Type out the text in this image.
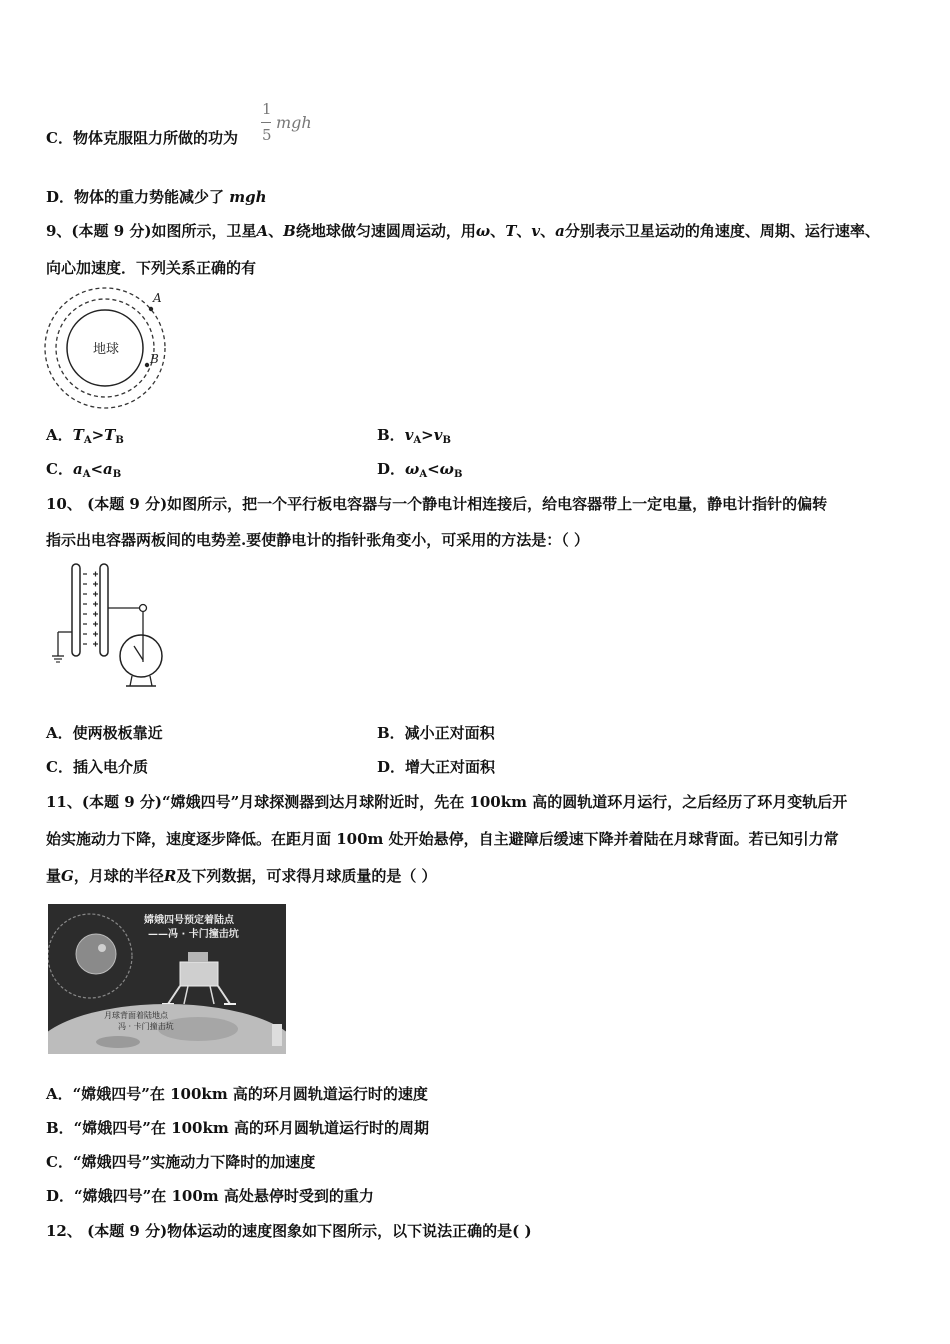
C．物体克服阻力所做的功为
1
5
mgh
D．物体的重力势能减少了 mgh
9、(本题 9 分)如图所示，卫星A、B绕地球做匀速圆周运动，用ω、T、v、a分别表示卫星运动的角速度、周期、运行速率、
向心加速度．下列关系正确的有
地球
A
B
A．$T_A>T_B$	B．$v_A>v_B$
C．$a_A<a_B$	D．$\omega_A<\omega_B$
10、 (本题 9 分)如图所示，把一个平行板电容器与一个静电计相连接后，给电容器带上一定电量，静电计指针的偏转
指示出电容器两板间的电势差.要使静电计的指针张角变小，可采用的方法是：（ ）
A．使两极板靠近	B．减小正对面积
C．插入电介质	D．增大正对面积
11、(本题 9 分)“嫦娥四号”月球探测器到达月球附近时，先在 100km 高的圆轨道环月运行，之后经历了环月变轨后开
始实施动力下降，速度逐步降低。在距月面 100m 处开始悬停，自主避障后缓速下降并着陆在月球背面。若已知引力常
量G，月球的半径R及下列数据，可求得月球质量的是（ ）
嫦娥四号预定着陆点
——冯 · 卡门撞击坑
月球背面着陆地点
冯 · 卡门撞击坑
A．“嫦娥四号”在 100km 高的环月圆轨道运行时的速度
B．“嫦娥四号”在 100km 高的环月圆轨道运行时的周期
C．“嫦娥四号”实施动力下降时的加速度
D．“嫦娥四号”在 100m 高处悬停时受到的重力
12、 (本题 9 分)物体运动的速度图象如下图所示，以下说法正确的是( )
